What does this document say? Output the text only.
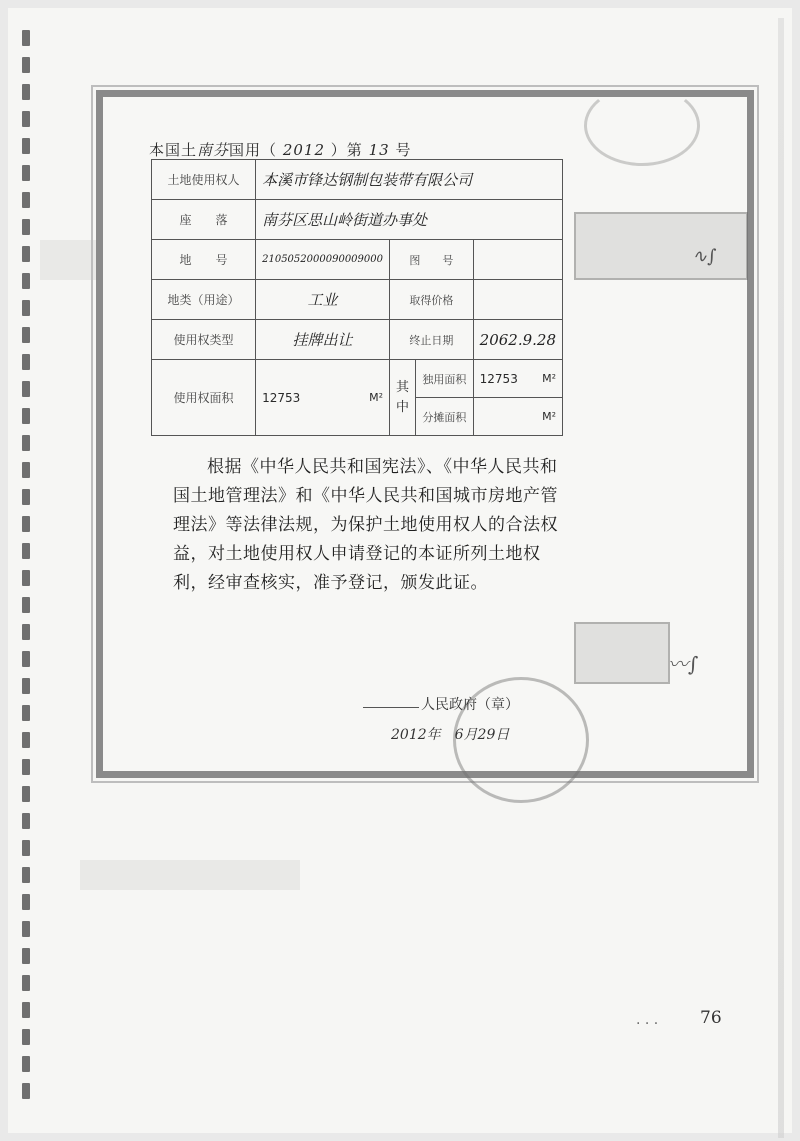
本国土南芬国用（ 2012 ）第 13 号
土地使用权人	本溪市锋达钢制包装带有限公司			
座　　落	南芬区思山岭街道办事处			
地　　号	2105052000090009000	图　　号		
地类（用途）	工业	取得价格		
使用权类型	挂牌出让	终止日期		2062.9.28
使用权面积	12753 M²	其中	独用面积	12753 M²

			分摊面积	M²
根据《中华人民共和国宪法》、《中华人民共和国土地管理法》和《中华人民共和国城市房地产管理法》等法律法规，为保护土地使用权人的合法权益，对土地使用权人申请登记的本证所列土地权利，经审查核实，准予登记，颁发此证。
人民政府（章）
2012年　6月29日
〰∫
∿∫
. . . 76
